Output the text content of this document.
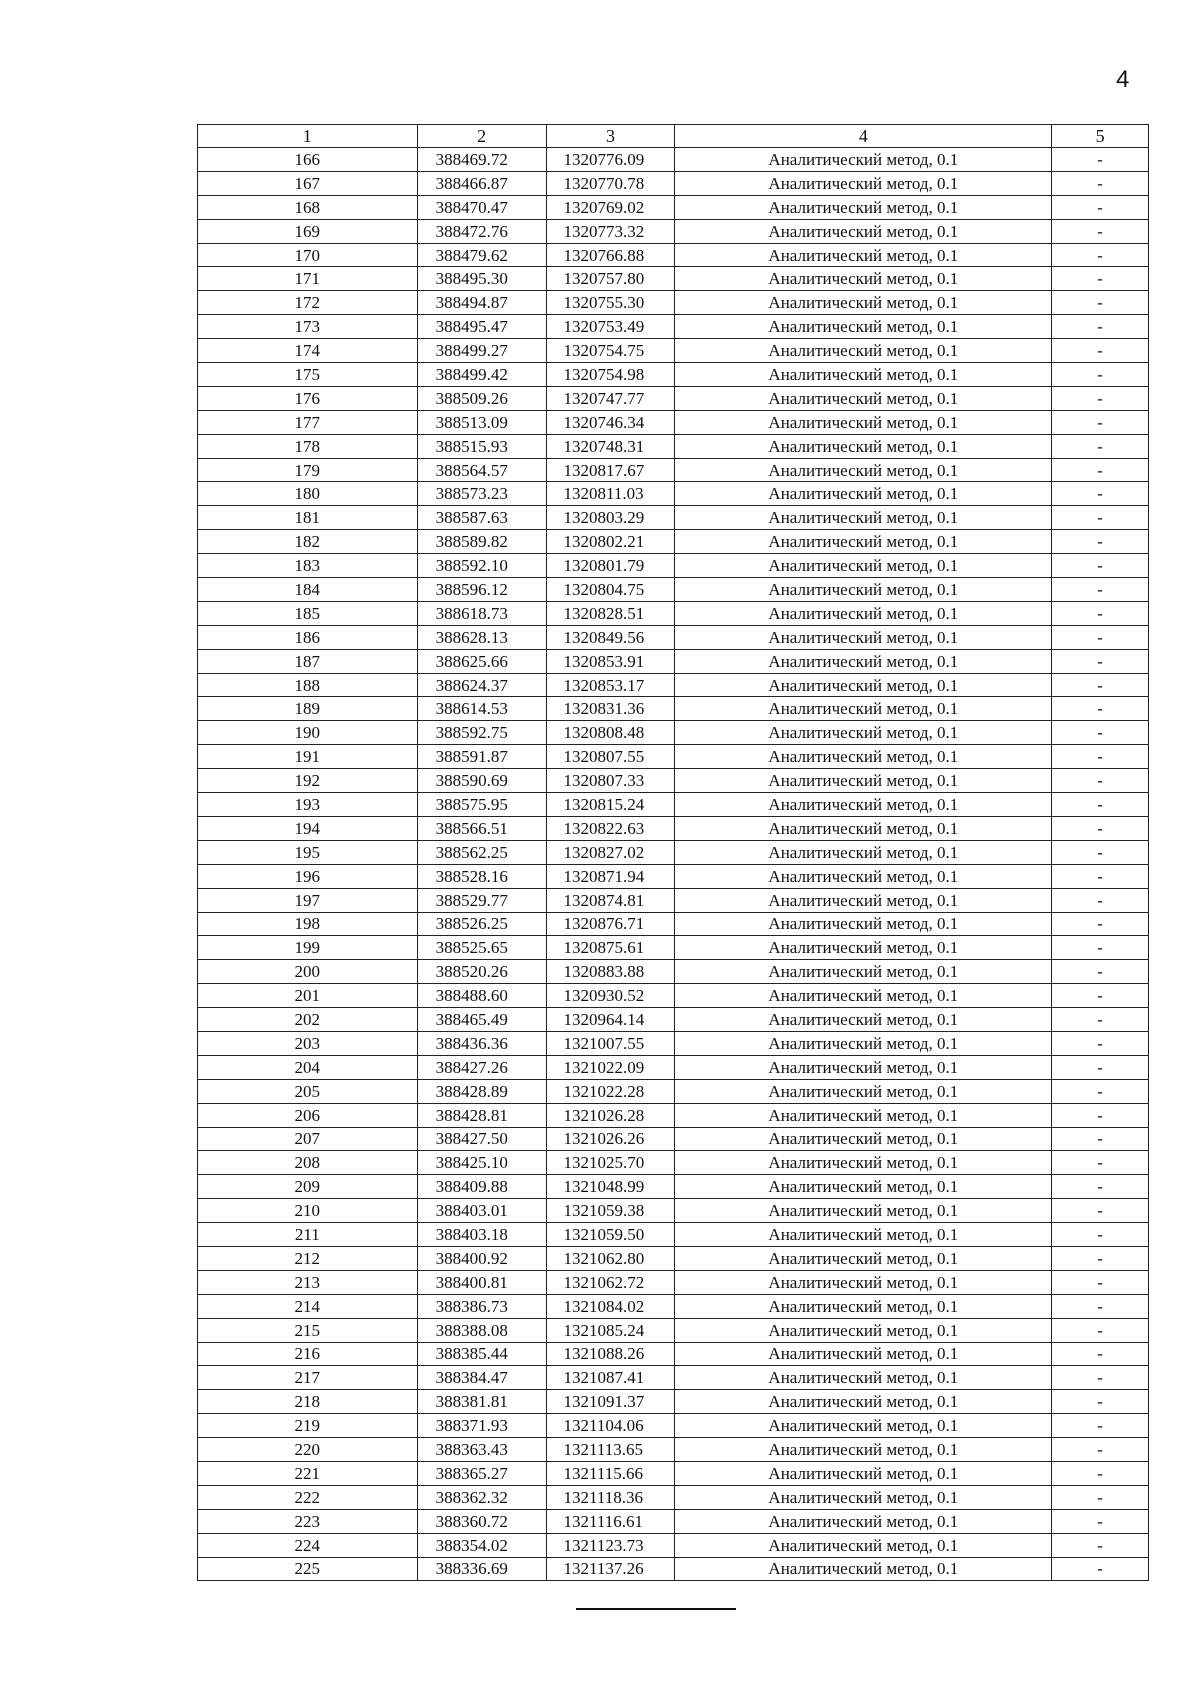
4
1	2	3	4	5
166	388469.72	1320776.09	Аналитический метод, 0.1	-
167	388466.87	1320770.78	Аналитический метод, 0.1	-
168	388470.47	1320769.02	Аналитический метод, 0.1	-
169	388472.76	1320773.32	Аналитический метод, 0.1	-
170	388479.62	1320766.88	Аналитический метод, 0.1	-
171	388495.30	1320757.80	Аналитический метод, 0.1	-
172	388494.87	1320755.30	Аналитический метод, 0.1	-
173	388495.47	1320753.49	Аналитический метод, 0.1	-
174	388499.27	1320754.75	Аналитический метод, 0.1	-
175	388499.42	1320754.98	Аналитический метод, 0.1	-
176	388509.26	1320747.77	Аналитический метод, 0.1	-
177	388513.09	1320746.34	Аналитический метод, 0.1	-
178	388515.93	1320748.31	Аналитический метод, 0.1	-
179	388564.57	1320817.67	Аналитический метод, 0.1	-
180	388573.23	1320811.03	Аналитический метод, 0.1	-
181	388587.63	1320803.29	Аналитический метод, 0.1	-
182	388589.82	1320802.21	Аналитический метод, 0.1	-
183	388592.10	1320801.79	Аналитический метод, 0.1	-
184	388596.12	1320804.75	Аналитический метод, 0.1	-
185	388618.73	1320828.51	Аналитический метод, 0.1	-
186	388628.13	1320849.56	Аналитический метод, 0.1	-
187	388625.66	1320853.91	Аналитический метод, 0.1	-
188	388624.37	1320853.17	Аналитический метод, 0.1	-
189	388614.53	1320831.36	Аналитический метод, 0.1	-
190	388592.75	1320808.48	Аналитический метод, 0.1	-
191	388591.87	1320807.55	Аналитический метод, 0.1	-
192	388590.69	1320807.33	Аналитический метод, 0.1	-
193	388575.95	1320815.24	Аналитический метод, 0.1	-
194	388566.51	1320822.63	Аналитический метод, 0.1	-
195	388562.25	1320827.02	Аналитический метод, 0.1	-
196	388528.16	1320871.94	Аналитический метод, 0.1	-
197	388529.77	1320874.81	Аналитический метод, 0.1	-
198	388526.25	1320876.71	Аналитический метод, 0.1	-
199	388525.65	1320875.61	Аналитический метод, 0.1	-
200	388520.26	1320883.88	Аналитический метод, 0.1	-
201	388488.60	1320930.52	Аналитический метод, 0.1	-
202	388465.49	1320964.14	Аналитический метод, 0.1	-
203	388436.36	1321007.55	Аналитический метод, 0.1	-
204	388427.26	1321022.09	Аналитический метод, 0.1	-
205	388428.89	1321022.28	Аналитический метод, 0.1	-
206	388428.81	1321026.28	Аналитический метод, 0.1	-
207	388427.50	1321026.26	Аналитический метод, 0.1	-
208	388425.10	1321025.70	Аналитический метод, 0.1	-
209	388409.88	1321048.99	Аналитический метод, 0.1	-
210	388403.01	1321059.38	Аналитический метод, 0.1	-
211	388403.18	1321059.50	Аналитический метод, 0.1	-
212	388400.92	1321062.80	Аналитический метод, 0.1	-
213	388400.81	1321062.72	Аналитический метод, 0.1	-
214	388386.73	1321084.02	Аналитический метод, 0.1	-
215	388388.08	1321085.24	Аналитический метод, 0.1	-
216	388385.44	1321088.26	Аналитический метод, 0.1	-
217	388384.47	1321087.41	Аналитический метод, 0.1	-
218	388381.81	1321091.37	Аналитический метод, 0.1	-
219	388371.93	1321104.06	Аналитический метод, 0.1	-
220	388363.43	1321113.65	Аналитический метод, 0.1	-
221	388365.27	1321115.66	Аналитический метод, 0.1	-
222	388362.32	1321118.36	Аналитический метод, 0.1	-
223	388360.72	1321116.61	Аналитический метод, 0.1	-
224	388354.02	1321123.73	Аналитический метод, 0.1	-
225	388336.69	1321137.26	Аналитический метод, 0.1	-
